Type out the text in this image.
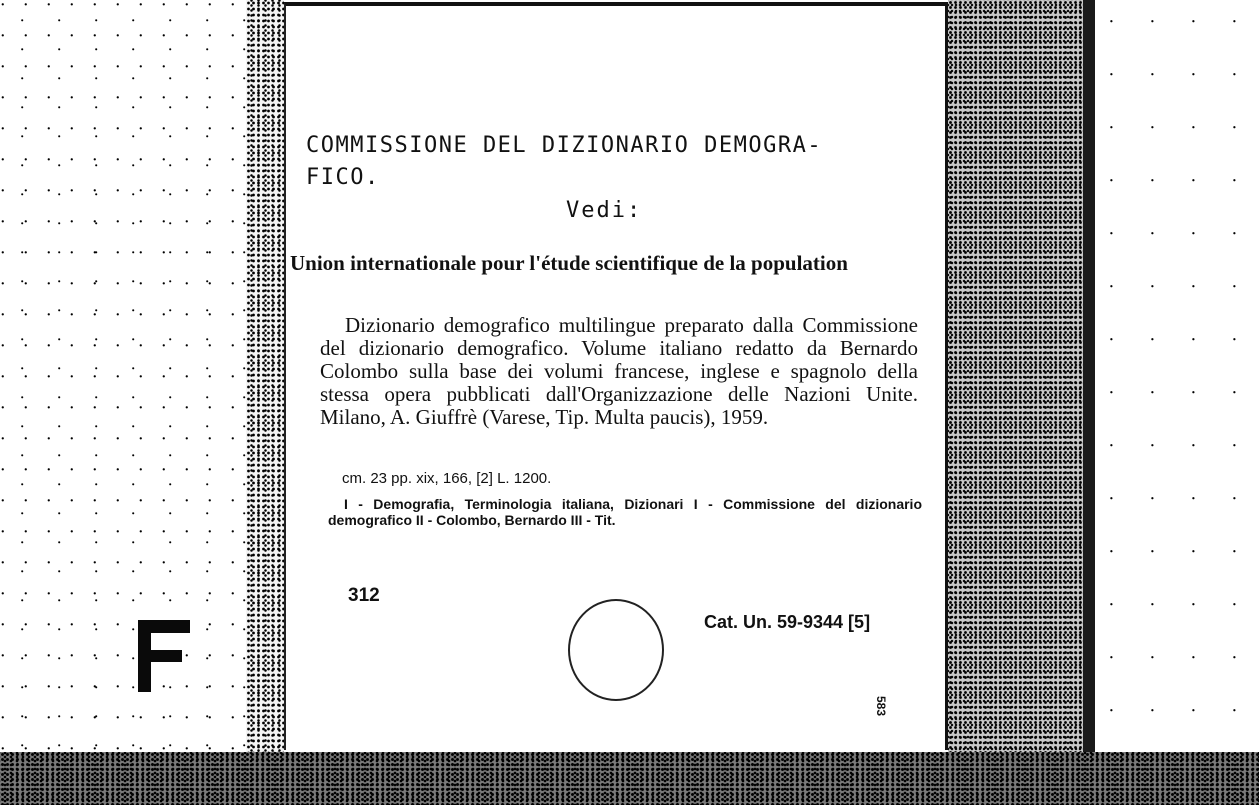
COMMISSIONE DEL DIZIONARIO DEMOGRA-
FICO.
Vedi:
Union internationale pour l'étude scientifique de la population
Dizionario demografico multilingue preparato dalla Commissione del dizionario demografico. Volume italiano redatto da Bernardo Colombo sulla base dei volumi francese, inglese e spagnolo della stessa opera pubblicati dall'Organizzazione delle Nazioni Unite. Milano, A. Giuffrè (Varese, Tip. Multa paucis), 1959.
cm. 23 pp. xix, 166, [2] L. 1200.
I - Demografia, Terminologia italiana, Dizionari I - Commissione del dizionario demografico II - Colombo, Bernardo III - Tit.
312
Cat. Un. 59-9344 [5]
583
